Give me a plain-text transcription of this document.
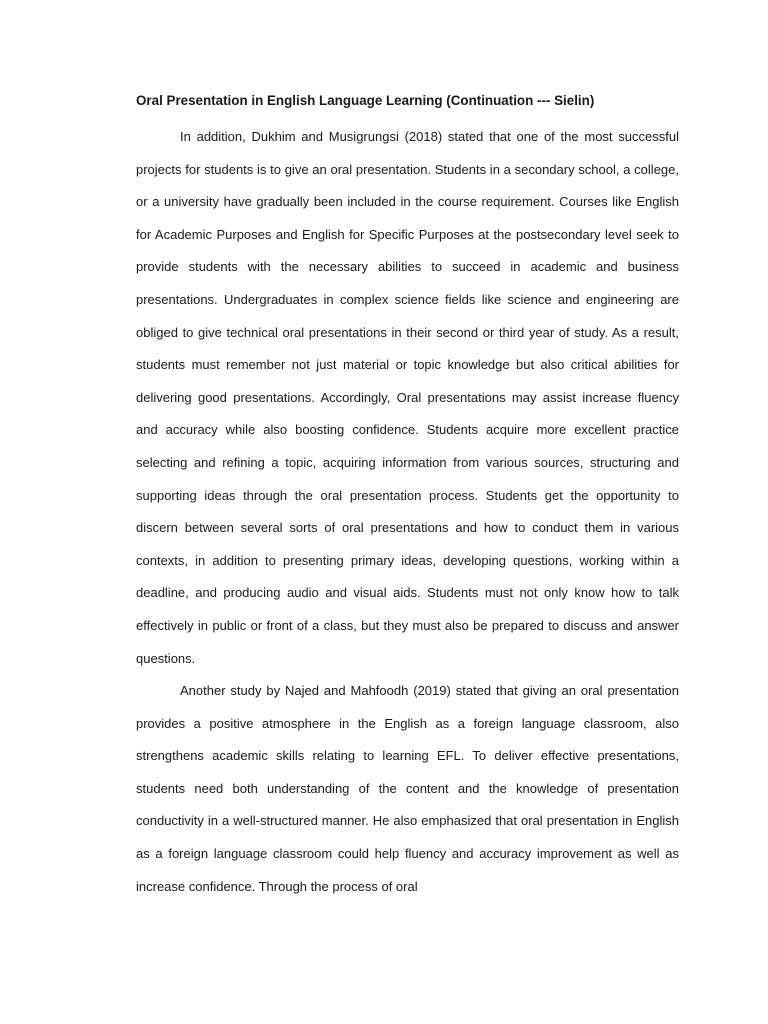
Oral Presentation in English Language Learning (Continuation --- Sielin)

In addition, Dukhim and Musigrungsi (2018) stated that one of the most successful projects for students is to give an oral presentation. Students in a secondary school, a college, or a university have gradually been included in the course requirement. Courses like English for Academic Purposes and English for Specific Purposes at the postsecondary level seek to provide students with the necessary abilities to succeed in academic and business presentations. Undergraduates in complex science fields like science and engineering are obliged to give technical oral presentations in their second or third year of study. As a result, students must remember not just material or topic knowledge but also critical abilities for delivering good presentations. Accordingly, Oral presentations may assist increase fluency and accuracy while also boosting confidence. Students acquire more excellent practice selecting and refining a topic, acquiring information from various sources, structuring and supporting ideas through the oral presentation process. Students get the opportunity to discern between several sorts of oral presentations and how to conduct them in various contexts, in addition to presenting primary ideas, developing questions, working within a deadline, and producing audio and visual aids. Students must not only know how to talk effectively in public or front of a class, but they must also be prepared to discuss and answer questions.

Another study by Najed and Mahfoodh (2019) stated that giving an oral presentation provides a positive atmosphere in the English as a foreign language classroom, also strengthens academic skills relating to learning EFL. To deliver effective presentations, students need both understanding of the content and the knowledge of presentation conductivity in a well-structured manner. He also emphasized that oral presentation in English as a foreign language classroom could help fluency and accuracy improvement as well as increase confidence. Through the process of oral
